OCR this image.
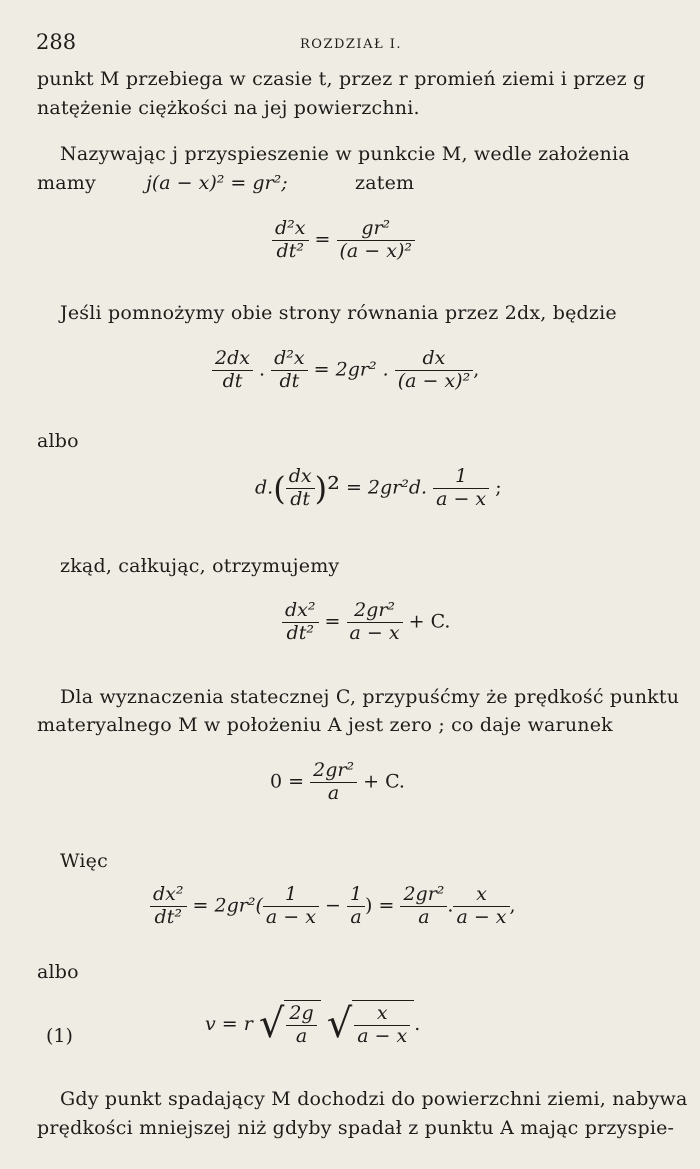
288	ROZDZIAŁ I.
punkt M przebiega w czasie t, przez r promień ziemi i przez g
natężenie ciężkości na jej powierzchni.
Nazywając j przyspieszenie w punkcie M, wedle założenia
mamy	j(a − x)² = gr²;	zatem
$\frac{\text{d²x}}{\text{dt²}} = \frac{\text{gr²}}{\text{(a − x)²}}$
Jeśli pomnożymy obie strony równania przez 2dx, będzie
$\frac{2dx}{dt}$ . $\frac{\text{d²x}}{dt} = 2gr^2$ . $\frac{dx}{\text{(a − x)²}}$ ,
albo
$d.( \frac{dx}{dt} )^2 = 2gr^2d$. $\frac{1}{a - x}$ ;
zkąd, całkując, otrzymujemy
$\frac{\text{dx²}}{\text{dt²}} = \frac{\text{2gr²}}{a - x} + C$.
Dla wyznaczenia statecznej C, przypuśćmy że prędkość punktu
materyalnego M w położeniu A jest zero ; co daje warunek
$0 = \frac{\text{2gr²}}{a} + C$.
Więc
$\frac{\text{dx²}}{\text{dt²}} = 2gr^2( \frac{1}{a - x} - \frac{1}{a}$ ) = $\frac{\text{2gr²}}{a}$ . $\frac{x}{a - x}$ ,
albo
(1)
v = r √ $\frac{2g}{a}$ √ $\frac{x}{a - x}$ .
Gdy punkt spadający M dochodzi do powierzchni ziemi, nabywa
prędkości mniejszej niż gdyby spadał z punktu A mając przyspie-
